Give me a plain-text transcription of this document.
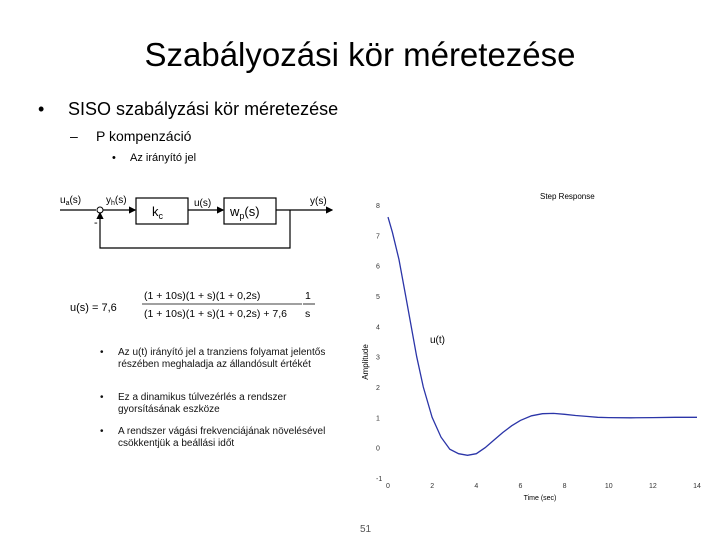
Szabályozási kör méretezése
• SISO szabályzási kör méretezése
– P kompenzáció
• Az irányító jel
$u_a(s)$ $y_h(s)$
-
$k_c$
u(s)
$w_p(s)$
y(s)
u(s) = 7,6
(1 + 10s)(1 + s)(1 + 0,2s)
(1 + 10s)(1 + s)(1 + 0,2s) + 7,6
1
s
• Az u(t) irányító jel a tranziens folyamat jelentős részében meghaladja az állandósult értékét
• Ez a dinamikus túlvezérlés a rendszer gyorsításának eszköze
• A rendszer vágási frekvenciájának növelésével csökkentjük a beállási időt
Step Response
Amplitude
Time (sec)
-1
0
1
2
3
4
5
6
7
8
0	2	4	6	8	10	12	14
u(t)
51
